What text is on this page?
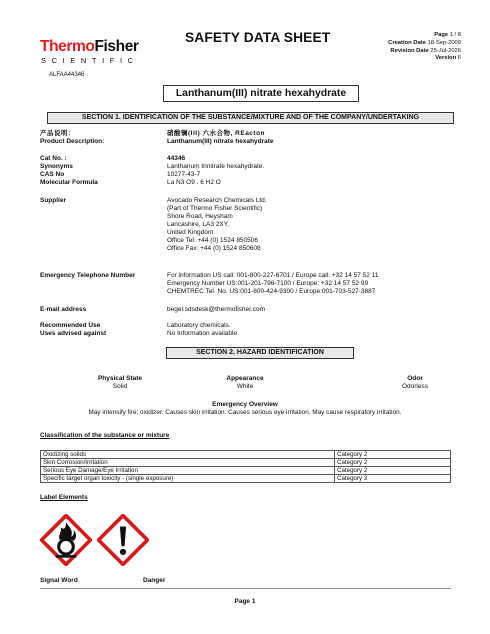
ThermoFisher
SCIENTIFIC
SAFETY DATA SHEET	Page 1 / 8
Creation Date 18-Sep-2009
Revision Date 25-Jul-2026
Version 6
ALFAA44346
Lanthanum(III) nitrate hexahydrate
SECTION 1. IDENTIFICATION OF THE SUBSTANCE/MIXTURE AND OF THE COMPANY/UNDERTAKING
产品说明：	硝酸镧(III) 六水合物, REacton
Product Description:	Lanthanum(III) nitrate hexahydrate
Cat No. :	44346
Synonyms	Lanthanum trinitrate hexahydrate.
CAS No	10277-43-7
Molecular Formula	La N3 O9 . 6 H2 O
Supplier	Avocado Research Chemicals Ltd.
(Part of Thermo Fisher Scientific)
Shore Road, Heysham
Lancashire, LA3 2XY,
United Kingdom
Office Tel: +44 (0) 1524 850506
Office Fax: +44 (0) 1524 850608
Emergency Telephone Number	For information US call: 001-800-227-6701 / Europe call: +32 14 57 52 11
Emergency Number US:001-201-796-7100 / Europe: +32 14 57 52 99
CHEMTREC Tel. No. US:001-800-424-9300 / Europe:001-703-527-3887
E-mail address	begel.sdsdesk@thermofisher.com
Recommended Use	Laboratory chemicals.
Uses advised against	No Information available
SECTION 2. HAZARD IDENTIFICATION
Physical State
Solid
Appearance
White
Odor
Odorless
Emergency Overview
May intensify fire; oxidizer. Causes skin irritation. Causes serious eye irritation. May cause respiratory irritation.
Classification of the substance or mixture
Oxidizing solids	Category 2
Skin Corrosion/Irritation	Category 2
Serious Eye Damage/Eye Irritation	Category 2
Specific target organ toxicity - (single exposure)	Category 3
Label Elements
Signal Word	Danger
Page 1
